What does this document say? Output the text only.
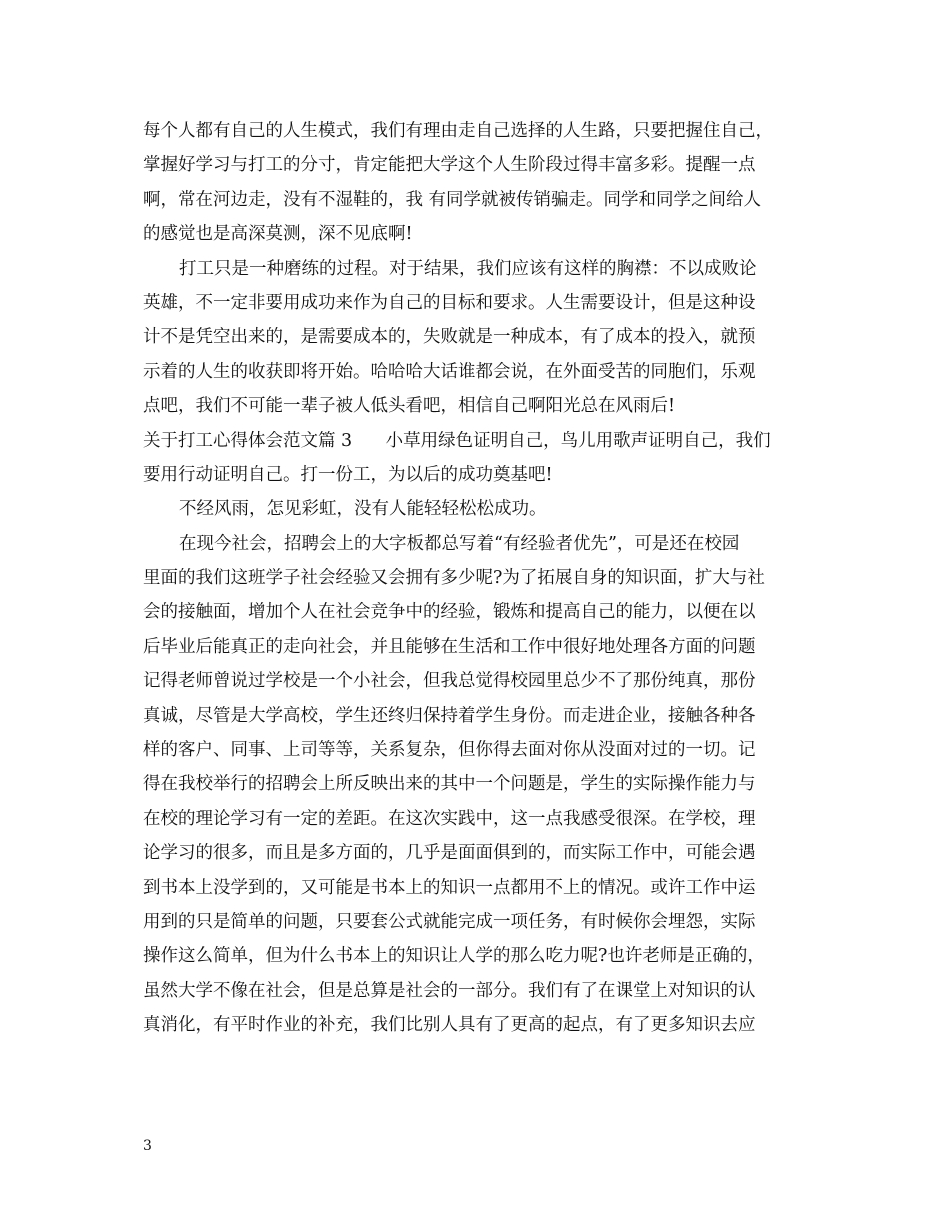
每个人都有自己的人生模式，我们有理由走自己选择的人生路，只要把握住自己，
掌握好学习与打工的分寸，肯定能把大学这个人生阶段过得丰富多彩。提醒一点
啊，常在河边走，没有不湿鞋的，我 有同学就被传销骗走。同学和同学之间给人
的感觉也是高深莫测，深不见底啊!
打工只是一种磨练的过程。对于结果，我们应该有这样的胸襟：不以成败论
英雄，不一定非要用成功来作为自己的目标和要求。人生需要设计，但是这种设
计不是凭空出来的，是需要成本的，失败就是一种成本，有了成本的投入，就预
示着的人生的收获即将开始。哈哈哈大话谁都会说，在外面受苦的同胞们，乐观
点吧，我们不可能一辈子被人低头看吧，相信自己啊阳光总在风雨后!
关于打工心得体会范文篇 3      小草用绿色证明自己，鸟儿用歌声证明自己，我们
要用行动证明自己。打一份工，为以后的成功奠基吧!
不经风雨，怎见彩虹，没有人能轻轻松松成功。
在现今社会，招聘会上的大字板都总写着“有经验者优先”，可是还在校园
里面的我们这班学子社会经验又会拥有多少呢?为了拓展自身的知识面，扩大与社
会的接触面，增加个人在社会竞争中的经验，锻炼和提高自己的能力，以便在以
后毕业后能真正的走向社会，并且能够在生活和工作中很好地处理各方面的问题
记得老师曾说过学校是一个小社会，但我总觉得校园里总少不了那份纯真，那份
真诚，尽管是大学高校，学生还终归保持着学生身份。而走进企业，接触各种各
样的客户、同事、上司等等，关系复杂，但你得去面对你从没面对过的一切。记
得在我校举行的招聘会上所反映出来的其中一个问题是，学生的实际操作能力与
在校的理论学习有一定的差距。在这次实践中，这一点我感受很深。在学校，理
论学习的很多，而且是多方面的，几乎是面面俱到的，而实际工作中，可能会遇
到书本上没学到的，又可能是书本上的知识一点都用不上的情况。或许工作中运
用到的只是简单的问题，只要套公式就能完成一项任务，有时候你会埋怨，实际
操作这么简单，但为什么书本上的知识让人学的那么吃力呢?也许老师是正确的，
虽然大学不像在社会，但是总算是社会的一部分。我们有了在课堂上对知识的认
真消化，有平时作业的补充，我们比别人具有了更高的起点，有了更多知识去应
3
